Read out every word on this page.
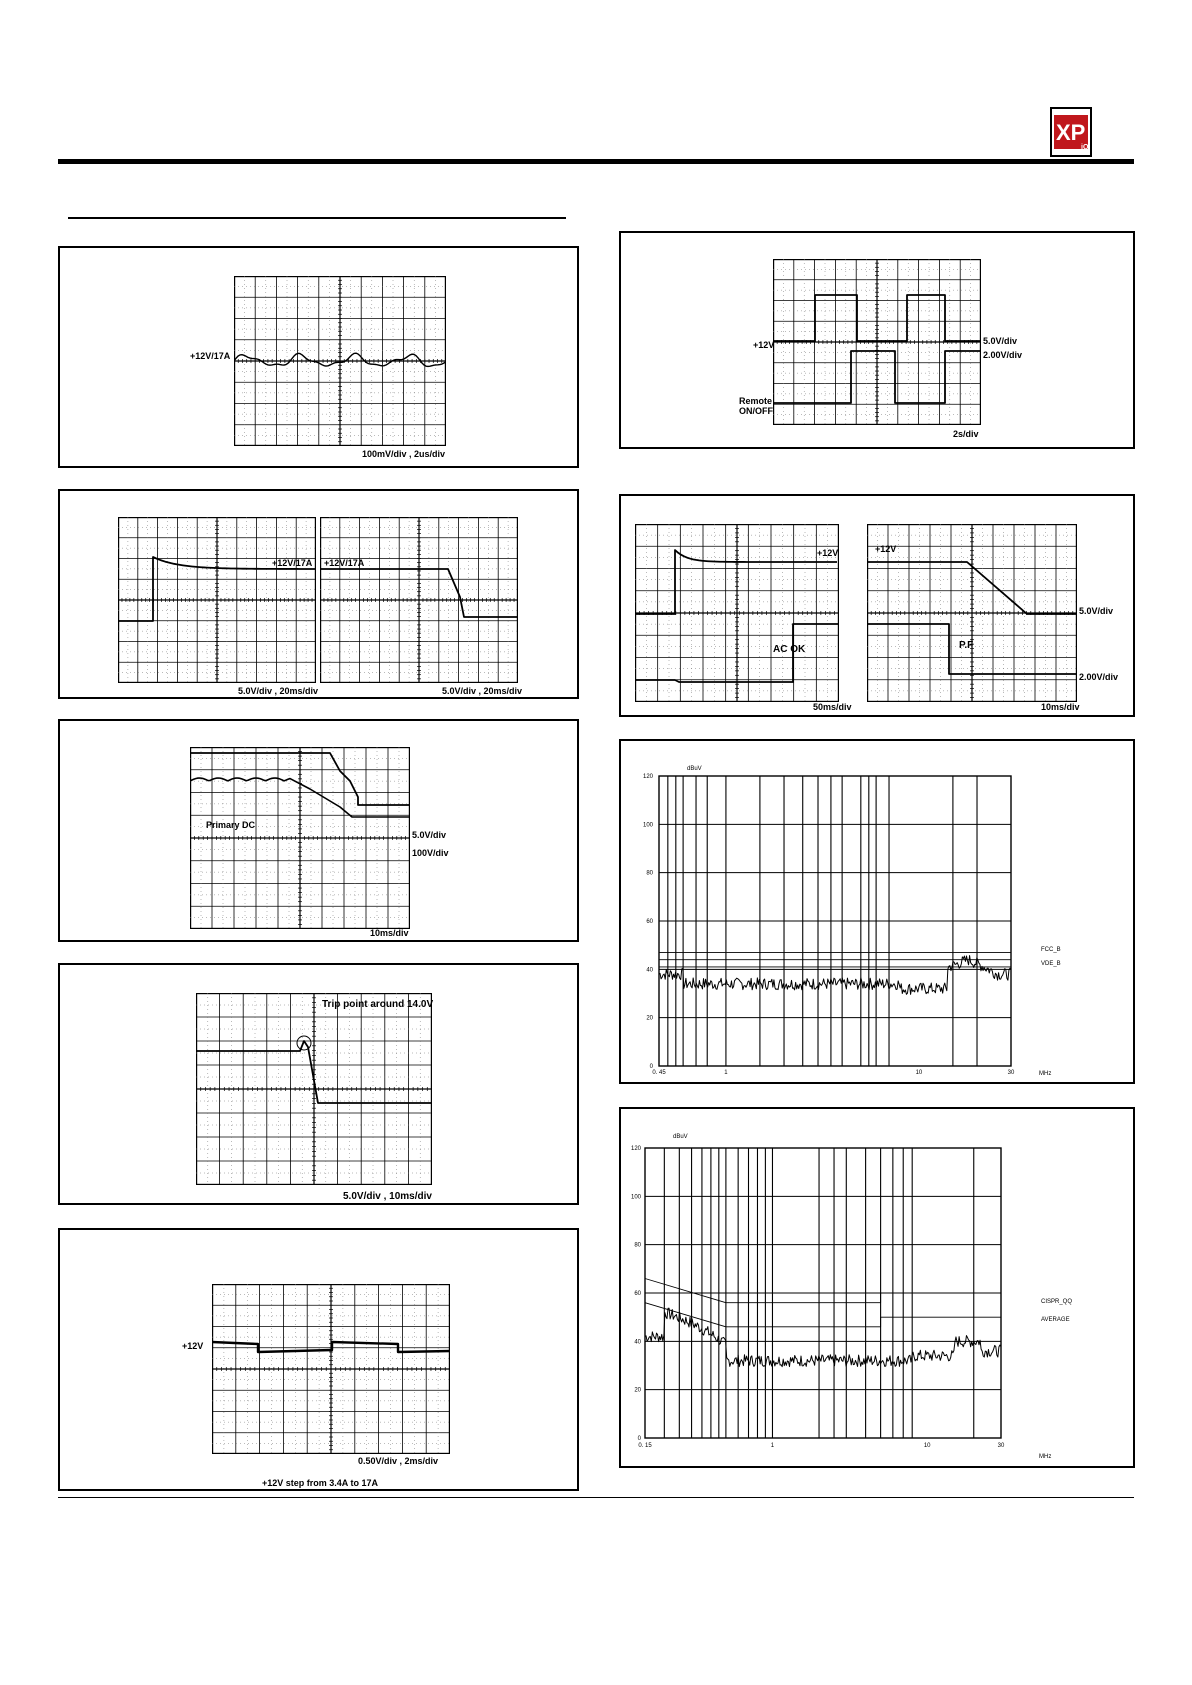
XP
iQ
+12V/17A
100mV/div , 2us/div
+12V/17A +12V/17A
5.0V/div , 20ms/div	5.0V/div , 20ms/div
Primary DC
5.0V/div
100V/div
10ms/div
Trip point around 14.0V
5.0V/div , 10ms/div
+12V
0.50V/div , 2ms/div
+12V step from 3.4A to 17A
+12V
Remote
ON/OFF
5.0V/div
2.00V/div
2s/div
+12V
AC OK
50ms/div
+12V
P.F
5.0V/div
2.00V/div
10ms/div
120
100
80
60
40
20
0
0. 45	1	10	30
dBuV
FCC_B
VDE_B
MHz
120
100
80
60
40
20
0
0. 15	1	10	30
dBuV
CISPR_QQ
AVERAGE
MHz
